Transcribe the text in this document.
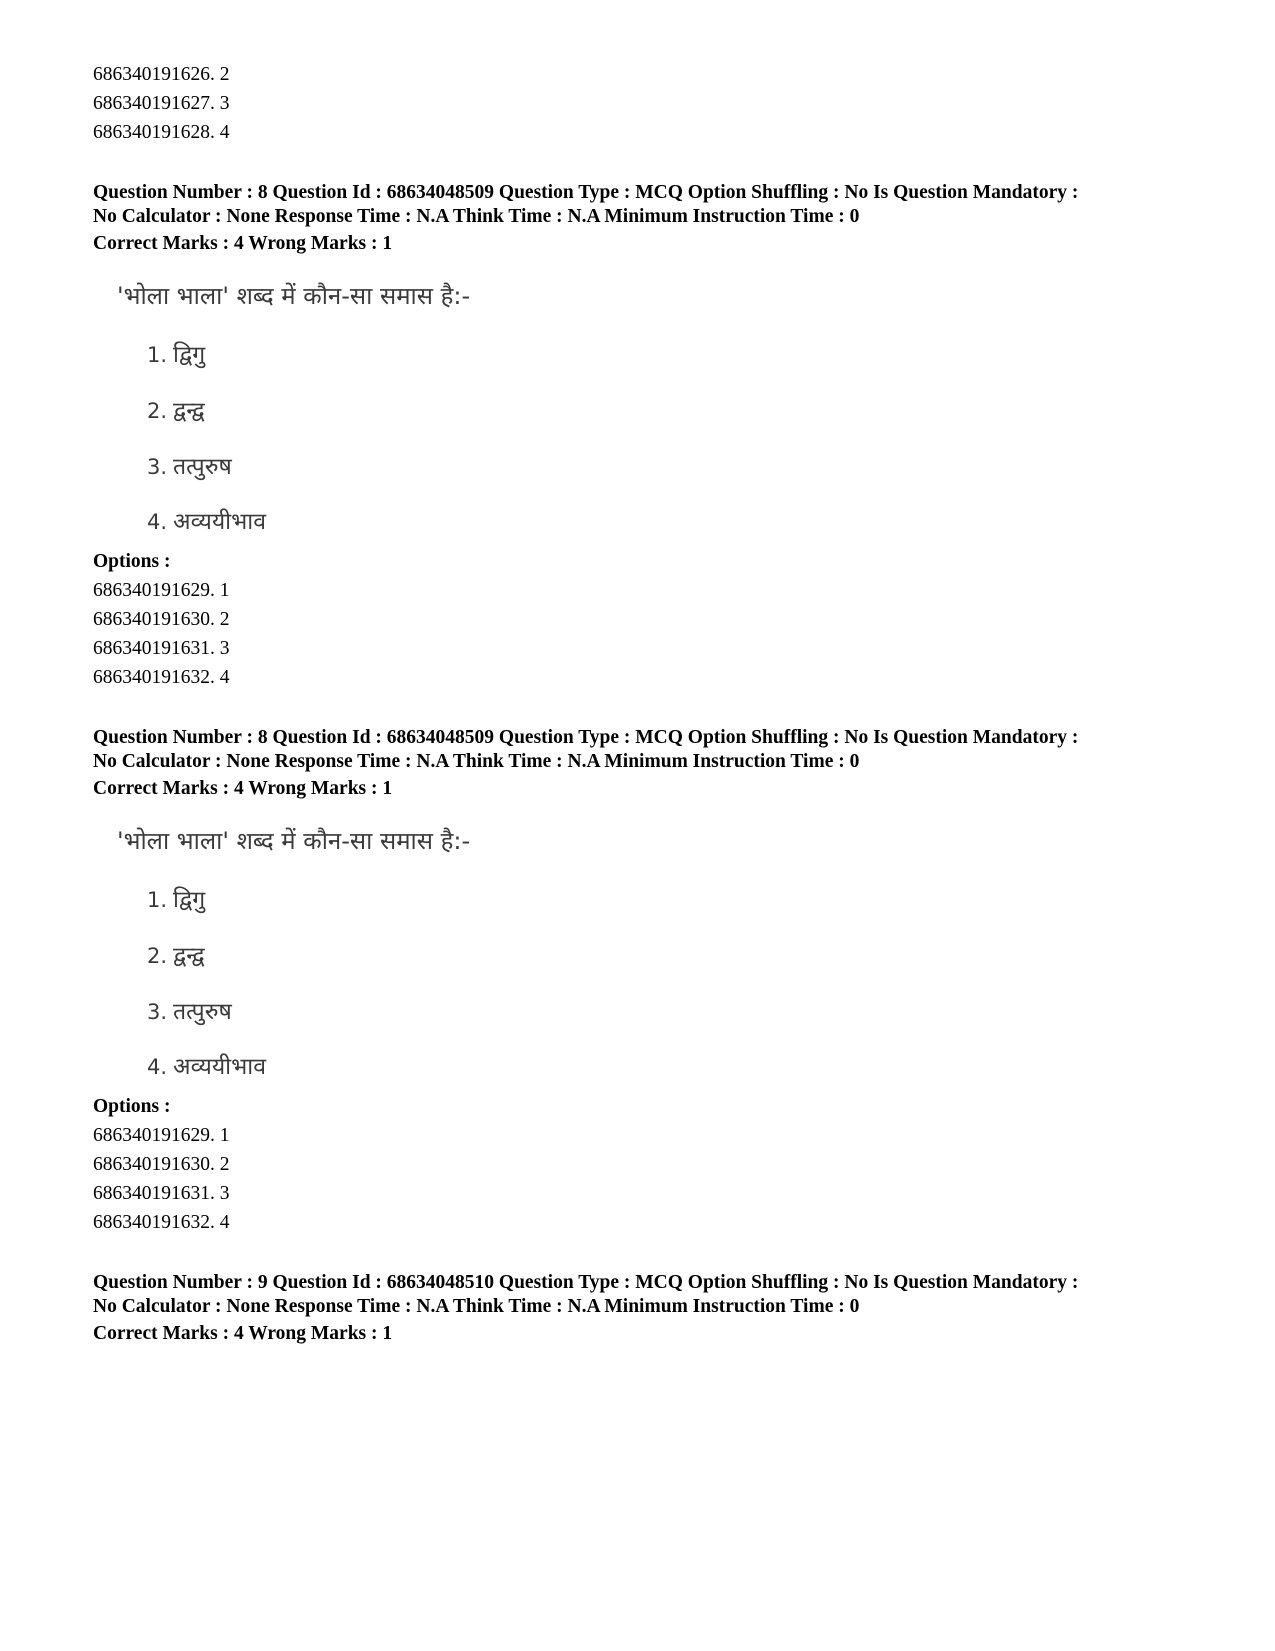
686340191626. 2
686340191627. 3
686340191628. 4
Question Number : 8 Question Id : 68634048509 Question Type : MCQ Option Shuffling : No Is Question Mandatory :
No Calculator : None Response Time : N.A Think Time : N.A Minimum Instruction Time : 0
Correct Marks : 4 Wrong Marks : 1
'भोला भाला' शब्द में कौन-सा समास है:-
1. द्विगु
2. द्वन्द्व
3. तत्पुरुष
4. अव्ययीभाव
Options :
686340191629. 1
686340191630. 2
686340191631. 3
686340191632. 4
Question Number : 8 Question Id : 68634048509 Question Type : MCQ Option Shuffling : No Is Question Mandatory :
No Calculator : None Response Time : N.A Think Time : N.A Minimum Instruction Time : 0
Correct Marks : 4 Wrong Marks : 1
'भोला भाला' शब्द में कौन-सा समास है:-
1. द्विगु
2. द्वन्द्व
3. तत्पुरुष
4. अव्ययीभाव
Options :
686340191629. 1
686340191630. 2
686340191631. 3
686340191632. 4
Question Number : 9 Question Id : 68634048510 Question Type : MCQ Option Shuffling : No Is Question Mandatory :
No Calculator : None Response Time : N.A Think Time : N.A Minimum Instruction Time : 0
Correct Marks : 4 Wrong Marks : 1
